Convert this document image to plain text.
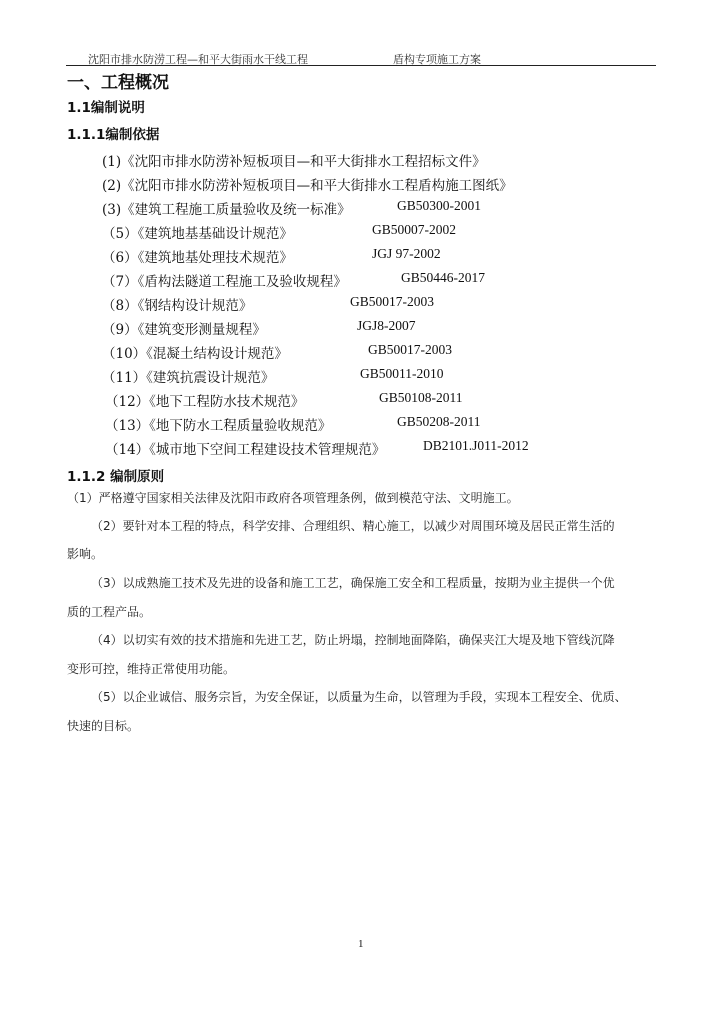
沈阳市排水防涝工程—和平大街雨水干线工程	盾构专项施工方案
一、工程概况
1.1编制说明
1.1.1编制依据
(1)《沈阳市排水防涝补短板项目—和平大街排水工程招标文件》
(2)《沈阳市排水防涝补短板项目—和平大街排水工程盾构施工图纸》
(3)《建筑工程施工质量验收及统一标准》	GB50300-2001
（5）《建筑地基基础设计规范》	GB50007-2002
（6）《建筑地基处理技术规范》	JGJ 97-2002
（7）《盾构法隧道工程施工及验收规程》	GB50446-2017
（8）《钢结构设计规范》	GB50017-2003
（9）《建筑变形测量规程》	JGJ8-2007
（10）《混凝土结构设计规范》	GB50017-2003
（11）《建筑抗震设计规范》	GB50011-2010
（12）《地下工程防水技术规范》	GB50108-2011
（13）《地下防水工程质量验收规范》	GB50208-2011
（14）《城市地下空间工程建设技术管理规范》	DB2101.J011-2012
1.1.2 编制原则
（1）严格遵守国家相关法律及沈阳市政府各项管理条例，做到模范守法、文明施工。
（2）要针对本工程的特点，科学安排、合理组织、精心施工，以减少对周围环境及居民正常生活的
影响。
（3）以成熟施工技术及先进的设备和施工工艺，确保施工安全和工程质量，按期为业主提供一个优
质的工程产品。
（4）以切实有效的技术措施和先进工艺，防止坍塌，控制地面降陷，确保夹江大堤及地下管线沉降
变形可控，维持正常使用功能。
（5）以企业诚信、服务宗旨，为安全保证，以质量为生命，以管理为手段，实现本工程安全、优质、
快速的目标。
1
